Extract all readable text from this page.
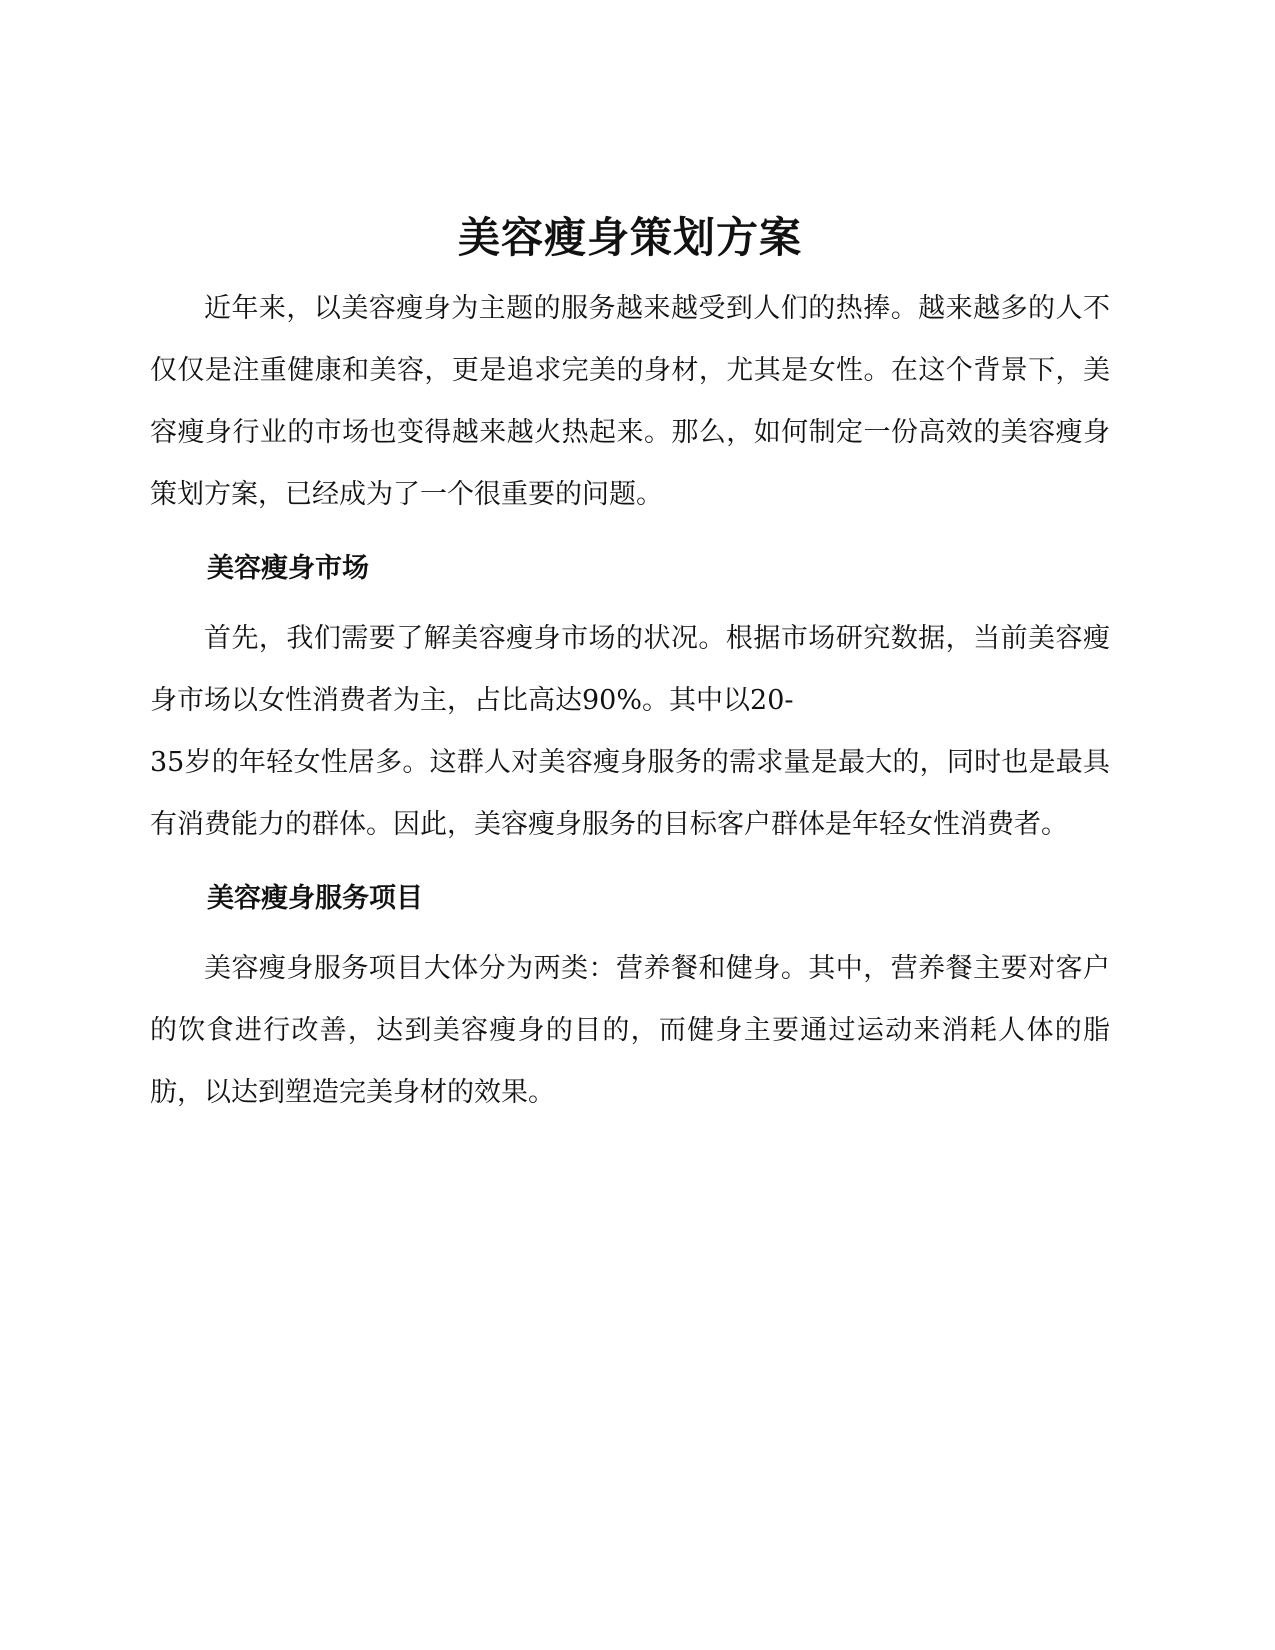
美容瘦身策划方案

近年来，以美容瘦身为主题的服务越来越受到人们的热捧。越来越多的人不仅仅是注重健康和美容，更是追求完美的身材，尤其是女性。在这个背景下，美容瘦身行业的市场也变得越来越火热起来。那么，如何制定一份高效的美容瘦身策划方案，已经成为了一个很重要的问题。

美容瘦身市场

首先，我们需要了解美容瘦身市场的状况。根据市场研究数据，当前美容瘦身市场以女性消费者为主，占比高达90%。其中以20-

35岁的年轻女性居多。这群人对美容瘦身服务的需求量是最大的，同时也是最具有消费能力的群体。因此，美容瘦身服务的目标客户群体是年轻女性消费者。

美容瘦身服务项目

美容瘦身服务项目大体分为两类：营养餐和健身。其中，营养餐主要对客户的饮食进行改善，达到美容瘦身的目的，而健身主要通过运动来消耗人体的脂肪，以达到塑造完美身材的效果。
